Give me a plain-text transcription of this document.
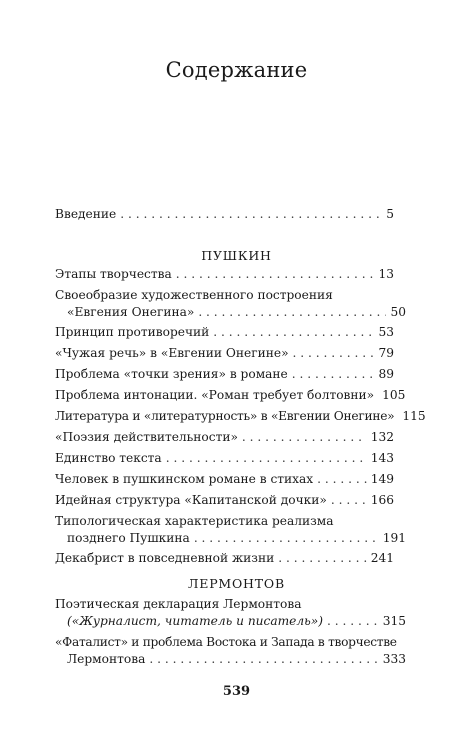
Содержание
Введение . . .	5
ПУШКИН
Этапы творчества . . .	13
Своеобразие художественного построения
«Евгения Онегина» . . .	50
Принцип противоречий . . .	53
«Чужая речь» в «Евгении Онегине» . . .	79
Проблема «точки зрения» в романе . . .	89
Проблема интонации. «Роман требует болтовни» 105
Литература и «литературность» в «Евгении Онегине» 115
«Поэзия действительности» . . .	132
Единство текста . . .	143
Человек в пушкинском романе в стихах . . .	149
Идейная структура «Капитанской дочки» . . .	166
Типологическая характеристика реализма
позднего Пушкина . . .	191
Декабрист в повседневной жизни . . .	241
ЛЕРМОНТОВ
Поэтическая декларация Лермонтова
(«Журналист, читатель и писатель») . . .	315
«Фаталист» и проблема Востока и Запада в творчестве
Лермонтова . . .	333
539
